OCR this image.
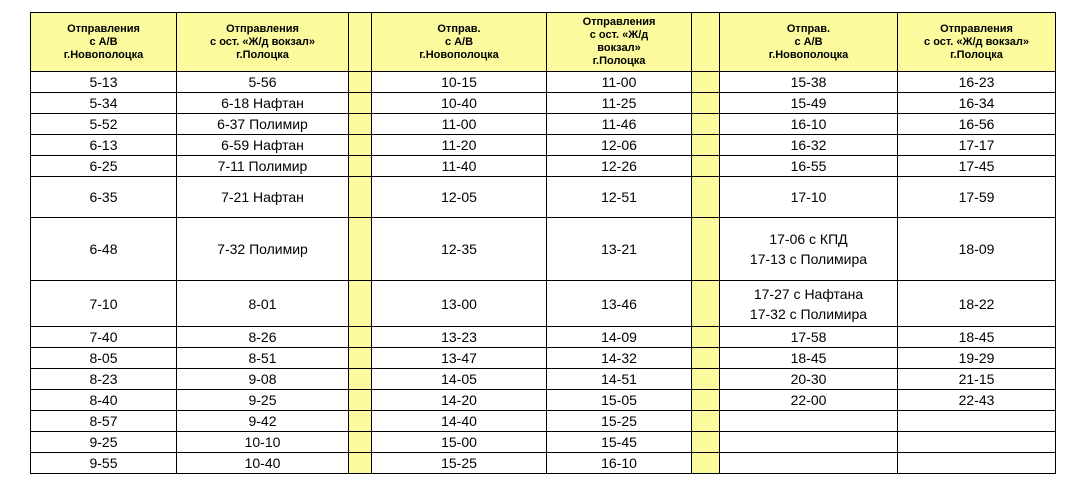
Отправления
с А/В
г.Новополоцка	Отправления
с ост. «Ж/д вокзал»
г.Полоцка		Отправ.
с А/В
г.Новополоцка	Отправления
с ост. «Ж/д
вокзал»
г.Полоцка		Отправ.
с А/В
г.Новополоцка	Отправления
с ост. «Ж/д вокзал»
г.Полоцка

5-13	5-56		10-15	11-00		15-38	16-23
5-34	6-18 Нафтан		10-40	11-25		15-49	16-34
5-52	6-37 Полимир		11-00	11-46		16-10	16-56
6-13	6-59 Нафтан		11-20	12-06		16-32	17-17
6-25	7-11 Полимир		11-40	12-26		16-55	17-45
6-35	7-21 Нафтан		12-05	12-51		17-10	17-59
6-48	7-32 Полимир		12-35	13-21		17-06 с КПД
17-13 с Полимира	18-09
7-10	8-01		13-00	13-46		17-27 с Нафтана
17-32 с Полимира	18-22
7-40	8-26		13-23	14-09		17-58	18-45
8-05	8-51		13-47	14-32		18-45	19-29
8-23	9-08		14-05	14-51		20-30	21-15
8-40	9-25		14-20	15-05		22-00	22-43
8-57	9-42		14-40	15-25		

9-25	10-10		15-00	15-45		

9-55	10-40		15-25	16-10		
